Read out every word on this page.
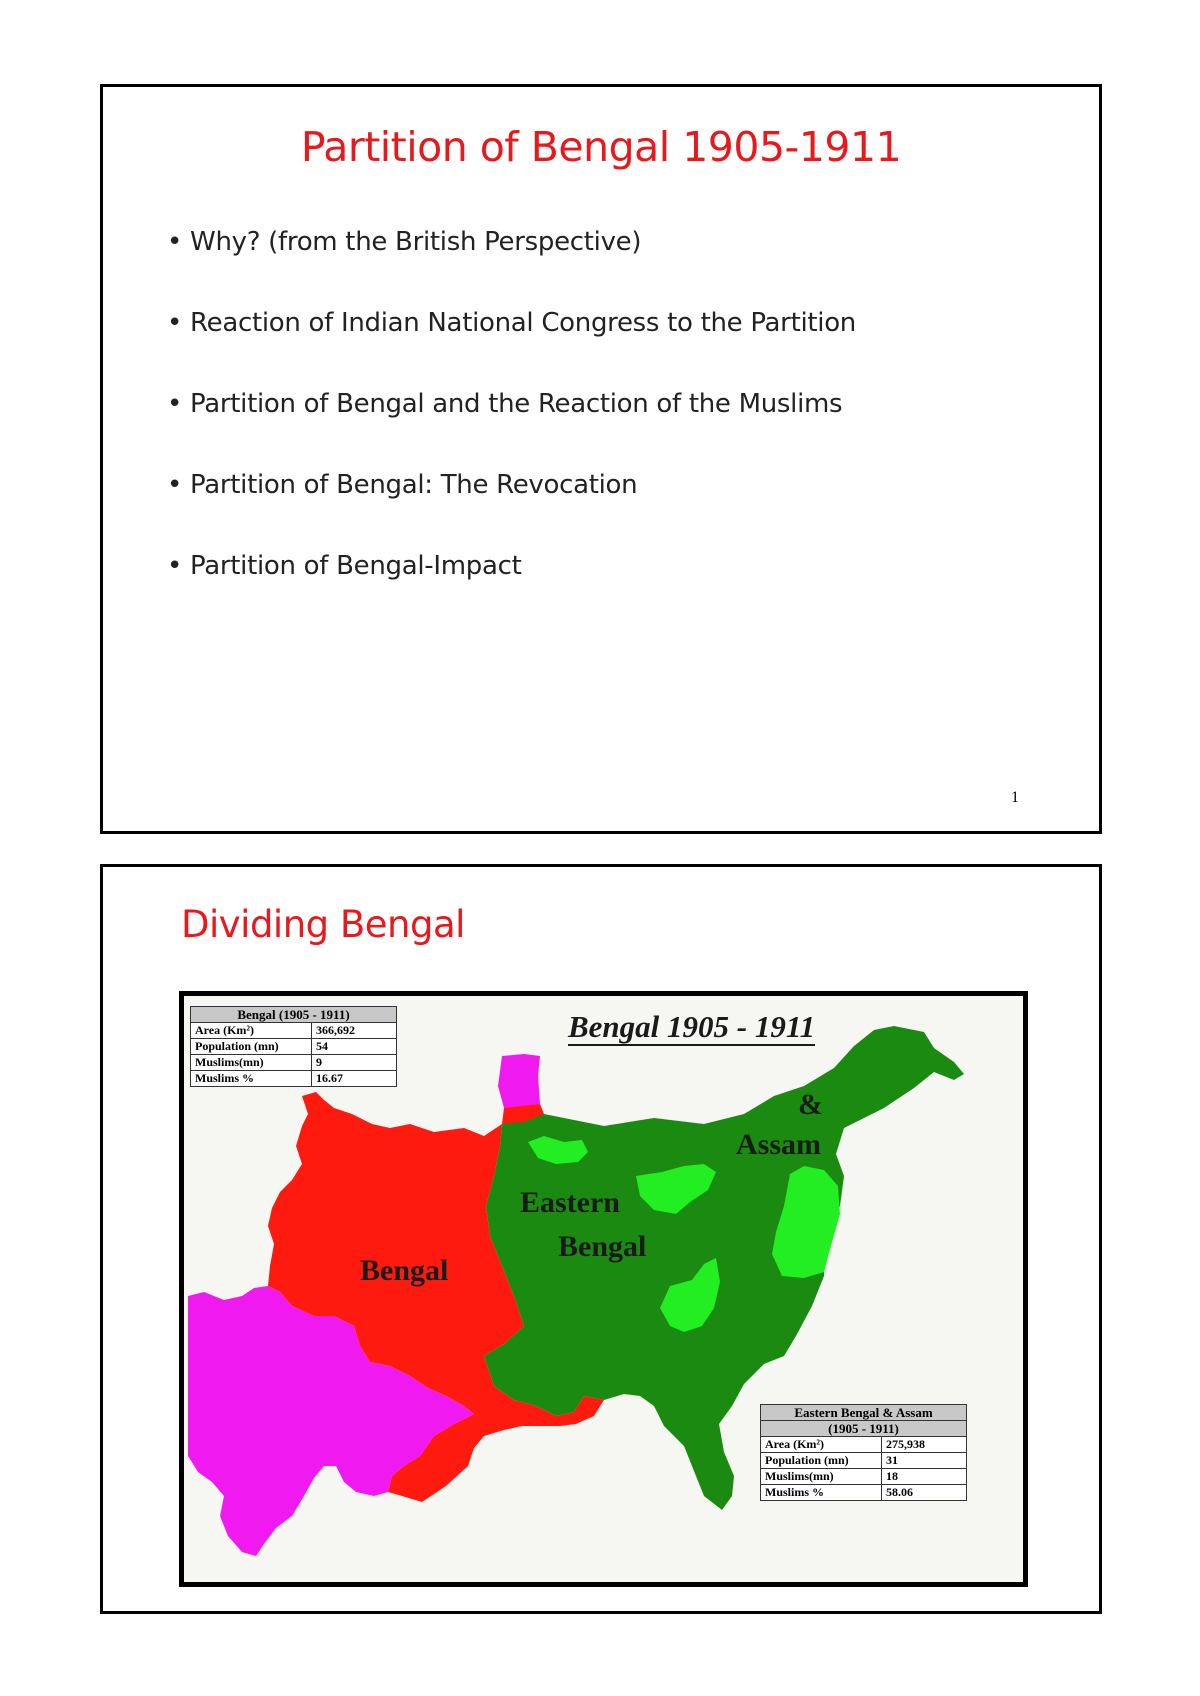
Partition of Bengal 1905-1911
• Why? (from the British Perspective)
• Reaction of Indian National Congress to the Partition
• Partition of Bengal and the Reaction of the Muslims
• Partition of Bengal: The Revocation
• Partition of Bengal-Impact
1
Dividing Bengal
Bengal 1905 - 1911
Bengal
Eastern
Bengal
&
Assam
Bengal (1905 - 1911)	
Area (Km²)	366,692
Population (mn)	54
Muslims(mn)	9
Muslims %	16.67
Eastern Bengal & Assam	
(1905 - 1911)	
Area (Km²)	275,938
Population (mn)	31
Muslims(mn)	18
Muslims %	58.06
